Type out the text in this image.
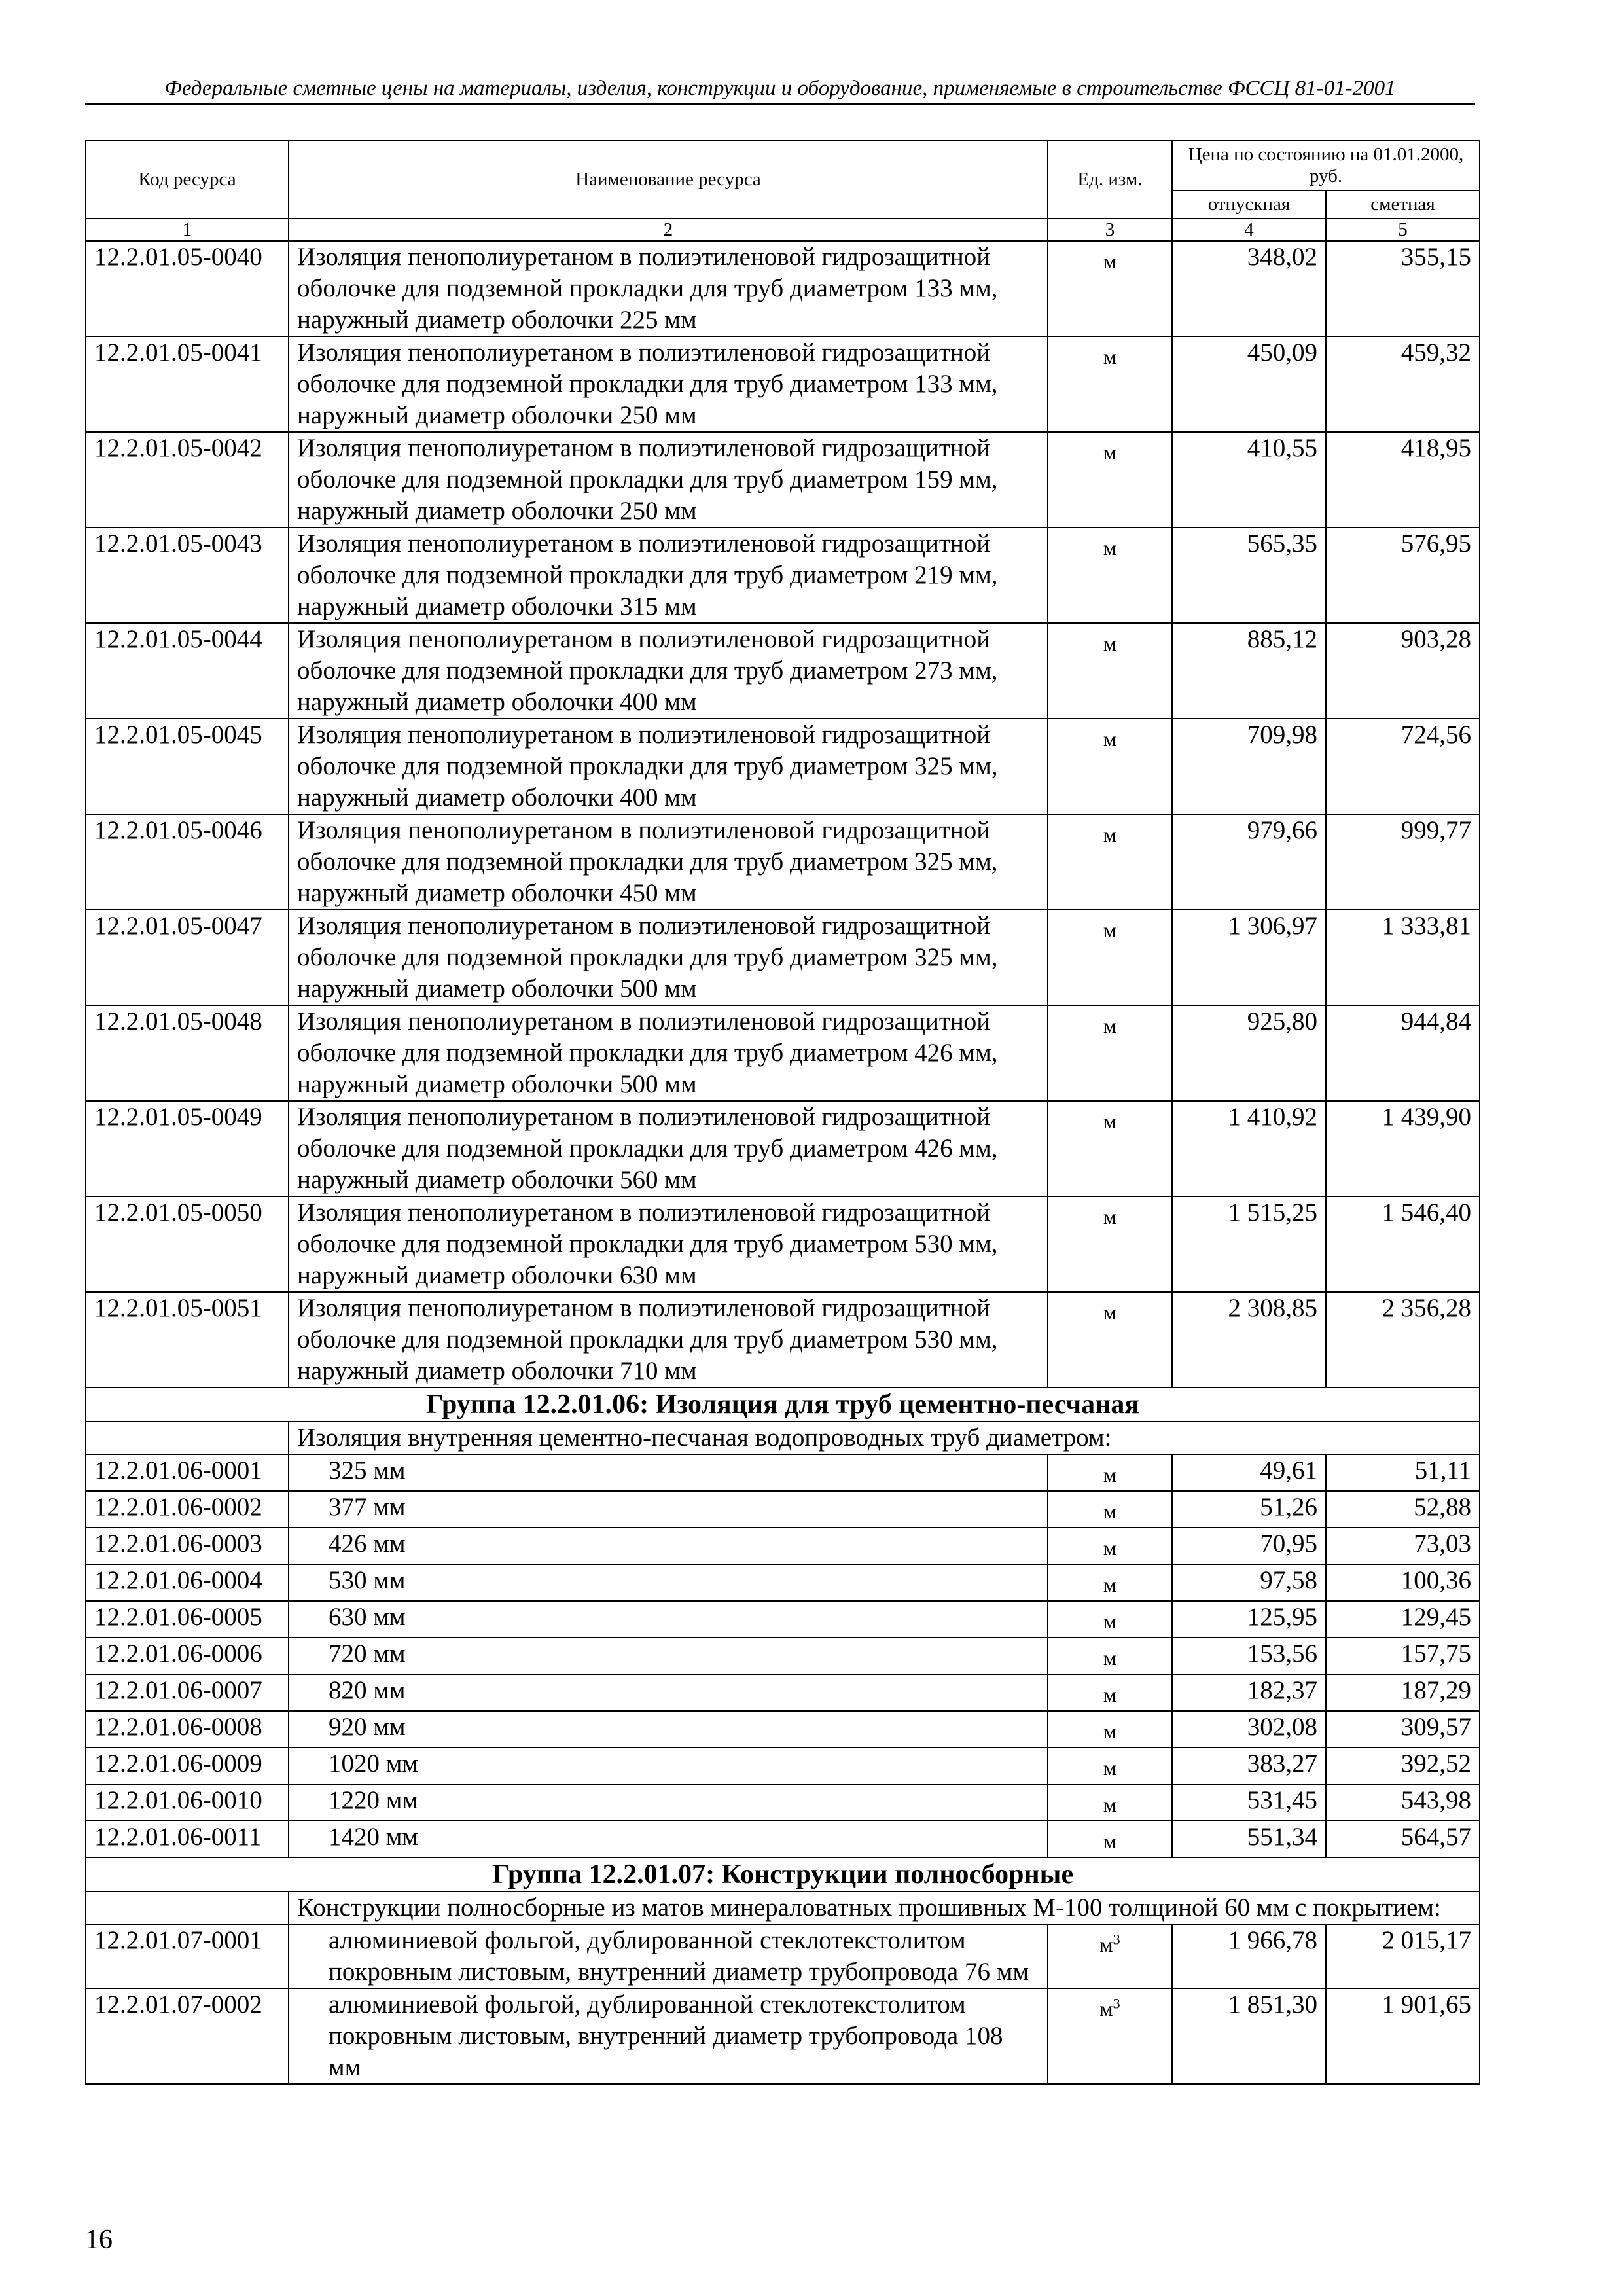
Федеральные сметные цены на материалы, изделия, конструкции и оборудование, применяемые в строительстве ФССЦ 81-01-2001
Код ресурса	Наименование ресурса	Ед. изм.	Цена по состоянию на 01.01.2000, руб.	
			отпускная	сметная
1	2	3	4	5
12.2.01.05-0040	Изоляция пенополиуретаном в полиэтиленовой гидрозащитной оболочке для подземной прокладки для труб диаметром 133 мм, наружный диаметр оболочки 225 мм	м	348,02	355,15
12.2.01.05-0041	Изоляция пенополиуретаном в полиэтиленовой гидрозащитной оболочке для подземной прокладки для труб диаметром 133 мм, наружный диаметр оболочки 250 мм	м	450,09	459,32
12.2.01.05-0042	Изоляция пенополиуретаном в полиэтиленовой гидрозащитной оболочке для подземной прокладки для труб диаметром 159 мм, наружный диаметр оболочки 250 мм	м	410,55	418,95
12.2.01.05-0043	Изоляция пенополиуретаном в полиэтиленовой гидрозащитной оболочке для подземной прокладки для труб диаметром 219 мм, наружный диаметр оболочки 315 мм	м	565,35	576,95
12.2.01.05-0044	Изоляция пенополиуретаном в полиэтиленовой гидрозащитной оболочке для подземной прокладки для труб диаметром 273 мм, наружный диаметр оболочки 400 мм	м	885,12	903,28
12.2.01.05-0045	Изоляция пенополиуретаном в полиэтиленовой гидрозащитной оболочке для подземной прокладки для труб диаметром 325 мм, наружный диаметр оболочки 400 мм	м	709,98	724,56
12.2.01.05-0046	Изоляция пенополиуретаном в полиэтиленовой гидрозащитной оболочке для подземной прокладки для труб диаметром 325 мм, наружный диаметр оболочки 450 мм	м	979,66	999,77
12.2.01.05-0047	Изоляция пенополиуретаном в полиэтиленовой гидрозащитной оболочке для подземной прокладки для труб диаметром 325 мм, наружный диаметр оболочки 500 мм	м	1 306,97	1 333,81
12.2.01.05-0048	Изоляция пенополиуретаном в полиэтиленовой гидрозащитной оболочке для подземной прокладки для труб диаметром 426 мм, наружный диаметр оболочки 500 мм	м	925,80	944,84
12.2.01.05-0049	Изоляция пенополиуретаном в полиэтиленовой гидрозащитной оболочке для подземной прокладки для труб диаметром 426 мм, наружный диаметр оболочки 560 мм	м	1 410,92	1 439,90
12.2.01.05-0050	Изоляция пенополиуретаном в полиэтиленовой гидрозащитной оболочке для подземной прокладки для труб диаметром 530 мм, наружный диаметр оболочки 630 мм	м	1 515,25	1 546,40
12.2.01.05-0051	Изоляция пенополиуретаном в полиэтиленовой гидрозащитной оболочке для подземной прокладки для труб диаметром 530 мм, наружный диаметр оболочки 710 мм	м	2 308,85	2 356,28
Группа 12.2.01.06: Изоляция для труб цементно-песчаная				
	Изоляция внутренняя цементно-песчаная водопроводных труб диаметром:			
12.2.01.06-0001	325 мм	м	49,61	51,11
12.2.01.06-0002	377 мм	м	51,26	52,88
12.2.01.06-0003	426 мм	м	70,95	73,03
12.2.01.06-0004	530 мм	м	97,58	100,36
12.2.01.06-0005	630 мм	м	125,95	129,45
12.2.01.06-0006	720 мм	м	153,56	157,75
12.2.01.06-0007	820 мм	м	182,37	187,29
12.2.01.06-0008	920 мм	м	302,08	309,57
12.2.01.06-0009	1020 мм	м	383,27	392,52
12.2.01.06-0010	1220 мм	м	531,45	543,98
12.2.01.06-0011	1420 мм	м	551,34	564,57
Группа 12.2.01.07: Конструкции полносборные				
	Конструкции полносборные из матов минераловатных прошивных М-100 толщиной 60 мм с покрытием:			
12.2.01.07-0001	алюминиевой фольгой, дублированной стеклотекстолитом покровным листовым, внутренний диаметр трубопровода 76 мм	$м^3$	1 966,78	2 015,17
12.2.01.07-0002	алюминиевой фольгой, дублированной стеклотекстолитом покровным листовым, внутренний диаметр трубопровода 108 мм	$м^3$	1 851,30	1 901,65
16
